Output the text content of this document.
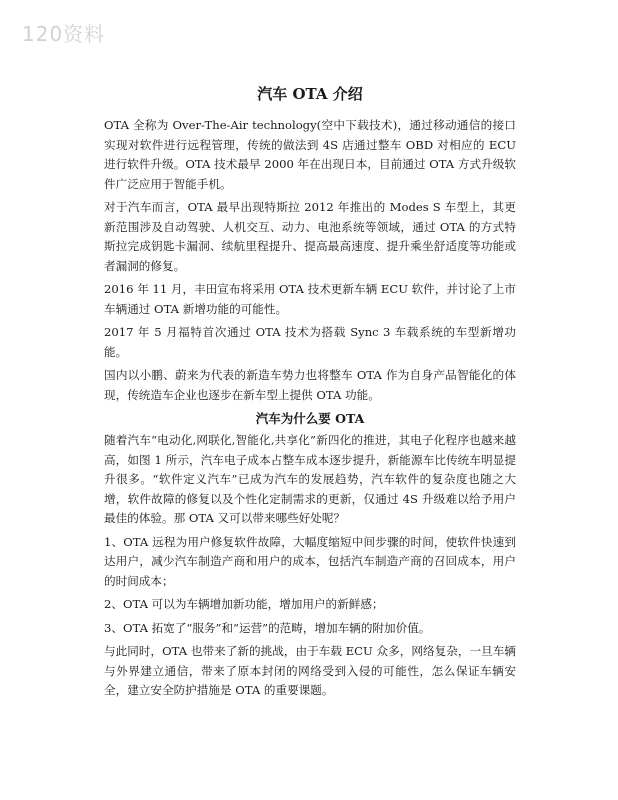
120资料
汽车 OTA 介绍

OTA 全称为 Over-The-Air technology(空中下载技术)，通过移动通信的接口实现对软件进行远程管理，传统的做法到 4S 店通过整车 OBD 对相应的 ECU 进行软件升级。OTA 技术最早 2000 年在出现日本，目前通过 OTA 方式升级软件广泛应用于智能手机。

对于汽车而言，OTA 最早出现特斯拉 2012 年推出的 Modes S 车型上，其更新范围涉及自动驾驶、人机交互、动力、电池系统等领域，通过 OTA 的方式特斯拉完成钥匙卡漏洞、续航里程提升、提高最高速度、提升乘坐舒适度等功能或者漏洞的修复。

2016 年 11 月，丰田宣布将采用 OTA 技术更新车辆 ECU 软件，并讨论了上市车辆通过 OTA 新增功能的可能性。

2017 年 5 月福特首次通过 OTA 技术为搭载 Sync 3 车载系统的车型新增功能。

国内以小鹏、蔚来为代表的新造车势力也将整车 OTA 作为自身产品智能化的体现，传统造车企业也逐步在新车型上提供 OTA 功能。

汽车为什么要 OTA

随着汽车“电动化,网联化,智能化,共享化”新四化的推进，其电子化程序也越来越高，如图 1 所示，汽车电子成本占整车成本逐步提升，新能源车比传统车明显提升很多。“软件定义汽车”已成为汽车的发展趋势，汽车软件的复杂度也随之大增，软件故障的修复以及个性化定制需求的更新，仅通过 4S 升级难以给予用户最佳的体验。那 OTA 又可以带来哪些好处呢？

1、OTA 远程为用户修复软件故障，大幅度缩短中间步骤的时间，使软件快速到达用户，减少汽车制造产商和用户的成本，包括汽车制造产商的召回成本，用户的时间成本；

2、OTA 可以为车辆增加新功能，增加用户的新鲜感；

3、OTA 拓宽了“服务”和“运营”的范畴，增加车辆的附加价值。

与此同时，OTA 也带来了新的挑战，由于车载 ECU 众多，网络复杂，一旦车辆与外界建立通信，带来了原本封闭的网络受到入侵的可能性，怎么保证车辆安全，建立安全防护措施是 OTA 的重要课题。
